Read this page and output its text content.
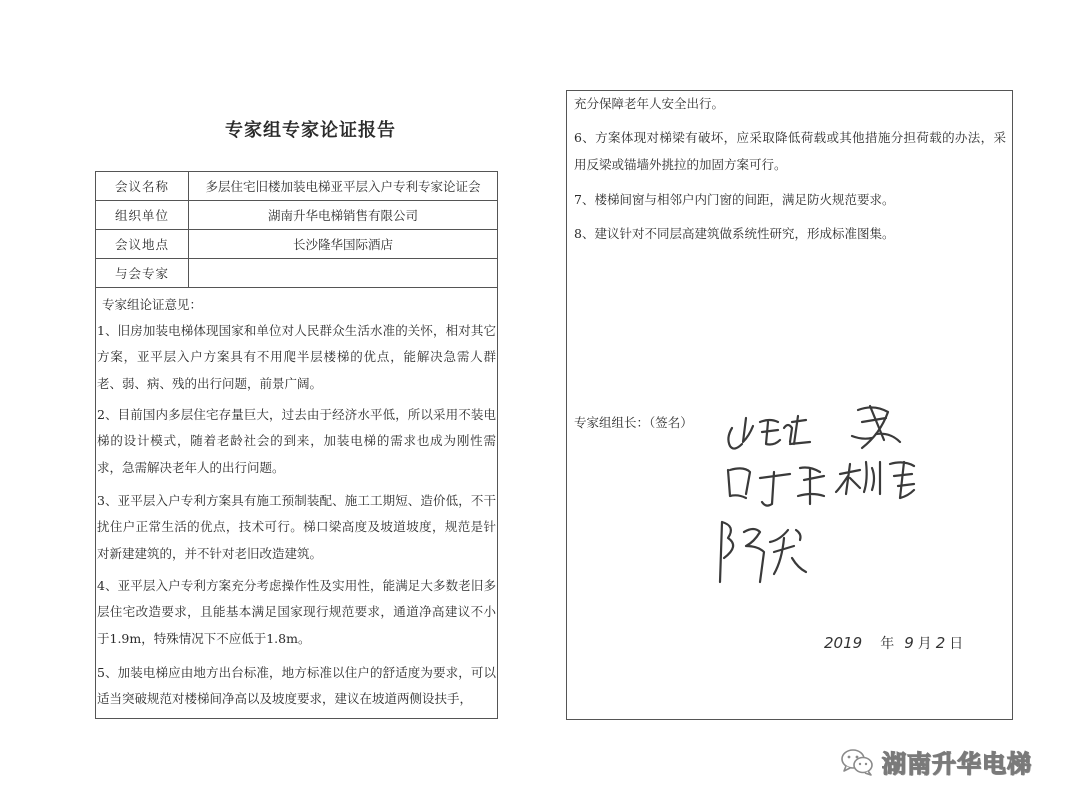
专家组专家论证报告
会议名称	多层住宅旧楼加装电梯亚平层入户专利专家论证会
组织单位	湖南升华电梯销售有限公司
会议地点	长沙隆华国际酒店
与会专家	
专家组论证意见：
1、旧房加装电梯体现国家和单位对人民群众生活水准的关怀，相对其它方案，亚平层入户方案具有不用爬半层楼梯的优点，能解决急需人群老、弱、病、残的出行问题，前景广阔。
2、目前国内多层住宅存量巨大，过去由于经济水平低，所以采用不装电梯的设计模式，随着老龄社会的到来，加装电梯的需求也成为刚性需求，急需解决老年人的出行问题。
3、亚平层入户专利方案具有施工预制装配、施工工期短、造价低，不干扰住户正常生活的优点，技术可行。梯口梁高度及坡道坡度，规范是针对新建建筑的，并不针对老旧改造建筑。
4、亚平层入户专利方案充分考虑操作性及实用性，能满足大多数老旧多层住宅改造要求，且能基本满足国家现行规范要求，通道净高建议不小于1.9m，特殊情况下不应低于1.8m。
5、加装电梯应由地方出台标准，地方标准以住户的舒适度为要求，可以适当突破规范对楼梯间净高以及坡度要求，建议在坡道两侧设扶手，
充分保障老年人安全出行。
6、方案体现对梯梁有破坏，应采取降低荷载或其他措施分担荷载的办法，采用反梁或锚墙外挑拉的加固方案可行。
7、楼梯间窗与相邻户内门窗的间距，满足防火规范要求。
8、建议针对不同层高建筑做系统性研究，形成标准图集。
专家组组长：（签名）
2019 年 9 月 2 日
湖南升华电梯
